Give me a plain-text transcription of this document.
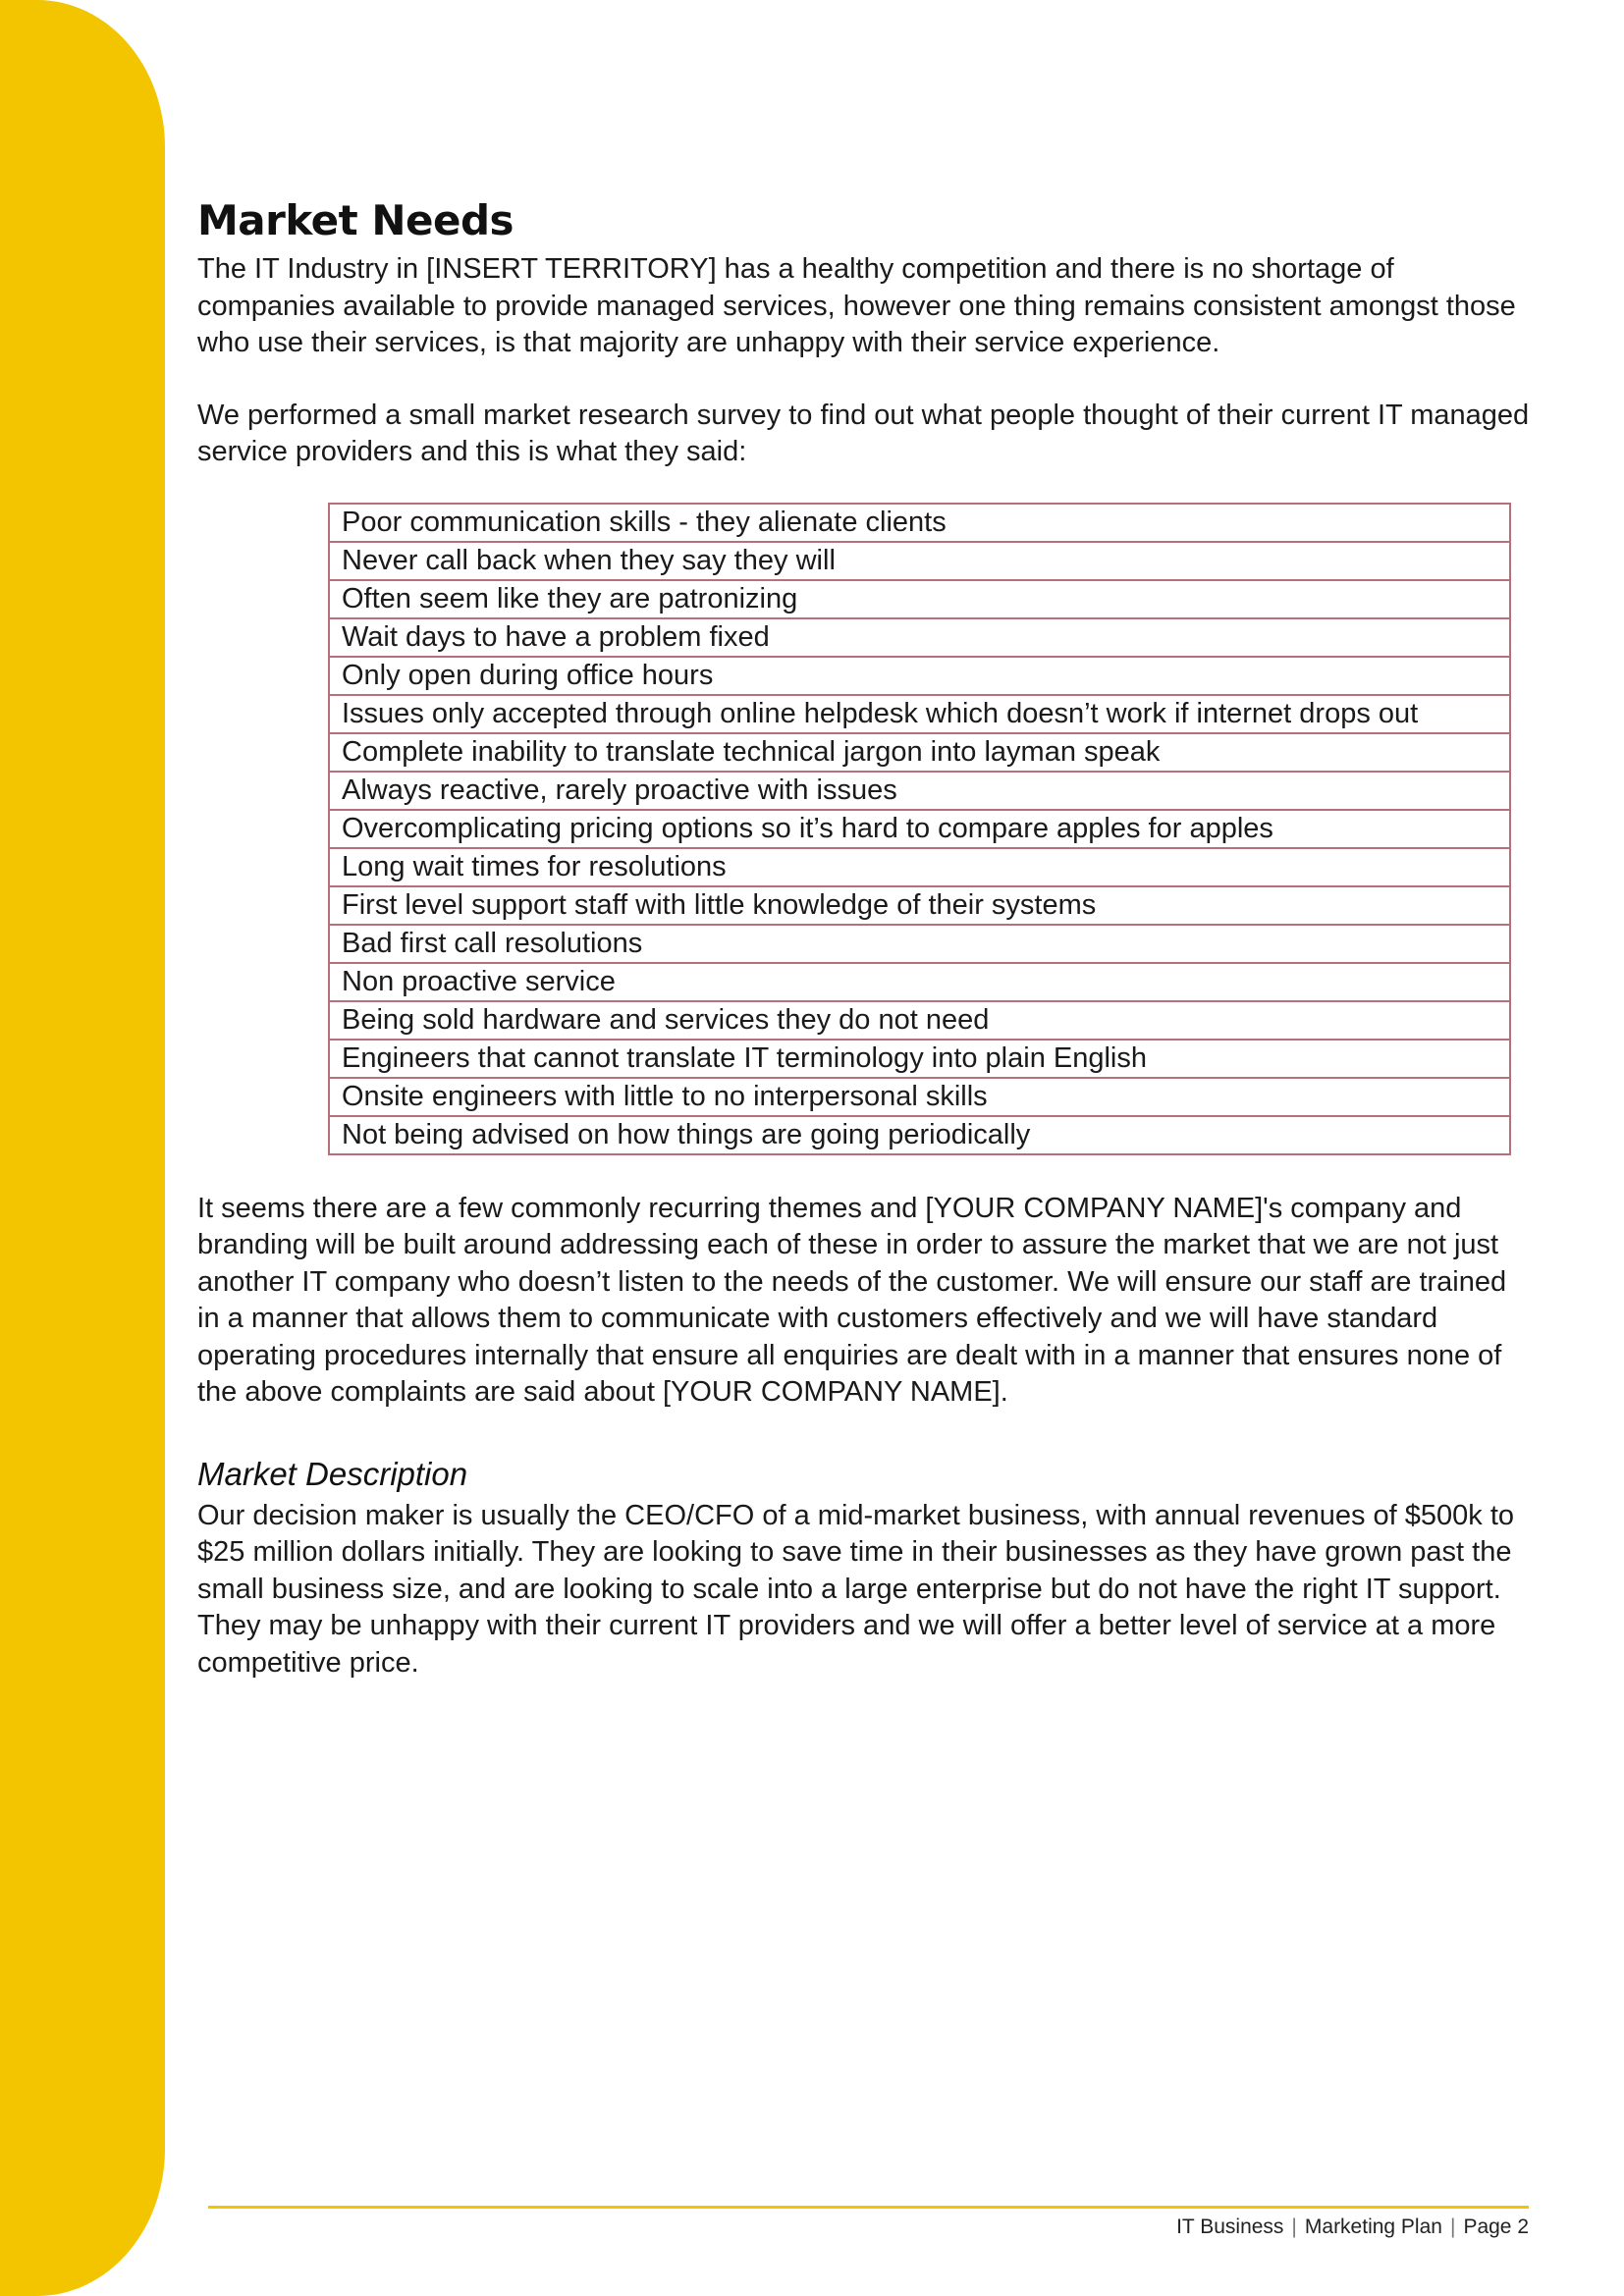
Market Needs

The IT Industry in [INSERT TERRITORY] has a healthy competition and there is no shortage of companies available to provide managed services, however one thing remains consistent amongst those who use their services, is that majority are unhappy with their service experience.

We performed a small market research survey to find out what people thought of their current IT managed service providers and this is what they said:

Poor communication skills - they alienate clients
Never call back when they say they will
Often seem like they are patronizing
Wait days to have a problem fixed
Only open during office hours
Issues only accepted through online helpdesk which doesn’t work if internet drops out
Complete inability to translate technical jargon into layman speak
Always reactive, rarely proactive with issues
Overcomplicating pricing options so it’s hard to compare apples for apples
Long wait times for resolutions
First level support staff with little knowledge of their systems
Bad first call resolutions
Non proactive service
Being sold hardware and services they do not need
Engineers that cannot translate IT terminology into plain English
Onsite engineers with little to no interpersonal skills
Not being advised on how things are going periodically

It seems there are a few commonly recurring themes and [YOUR COMPANY NAME]'s company and branding will be built around addressing each of these in order to assure the market that we are not just another IT company who doesn’t listen to the needs of the customer. We will ensure our staff are trained in a manner that allows them to communicate with customers effectively and we will have standard operating procedures internally that ensure all enquiries are dealt with in a manner that ensures none of the above complaints are said about [YOUR COMPANY NAME].

Market Description

Our decision maker is usually the CEO/CFO of a mid-market business, with annual revenues of $500k to $25 million dollars initially. They are looking to save time in their businesses as they have grown past the small business size, and are looking to scale into a large enterprise but do not have the right IT support. They may be unhappy with their current IT providers and we will offer a better level of service at a more competitive price.

IT Business | Marketing Plan | Page 2
